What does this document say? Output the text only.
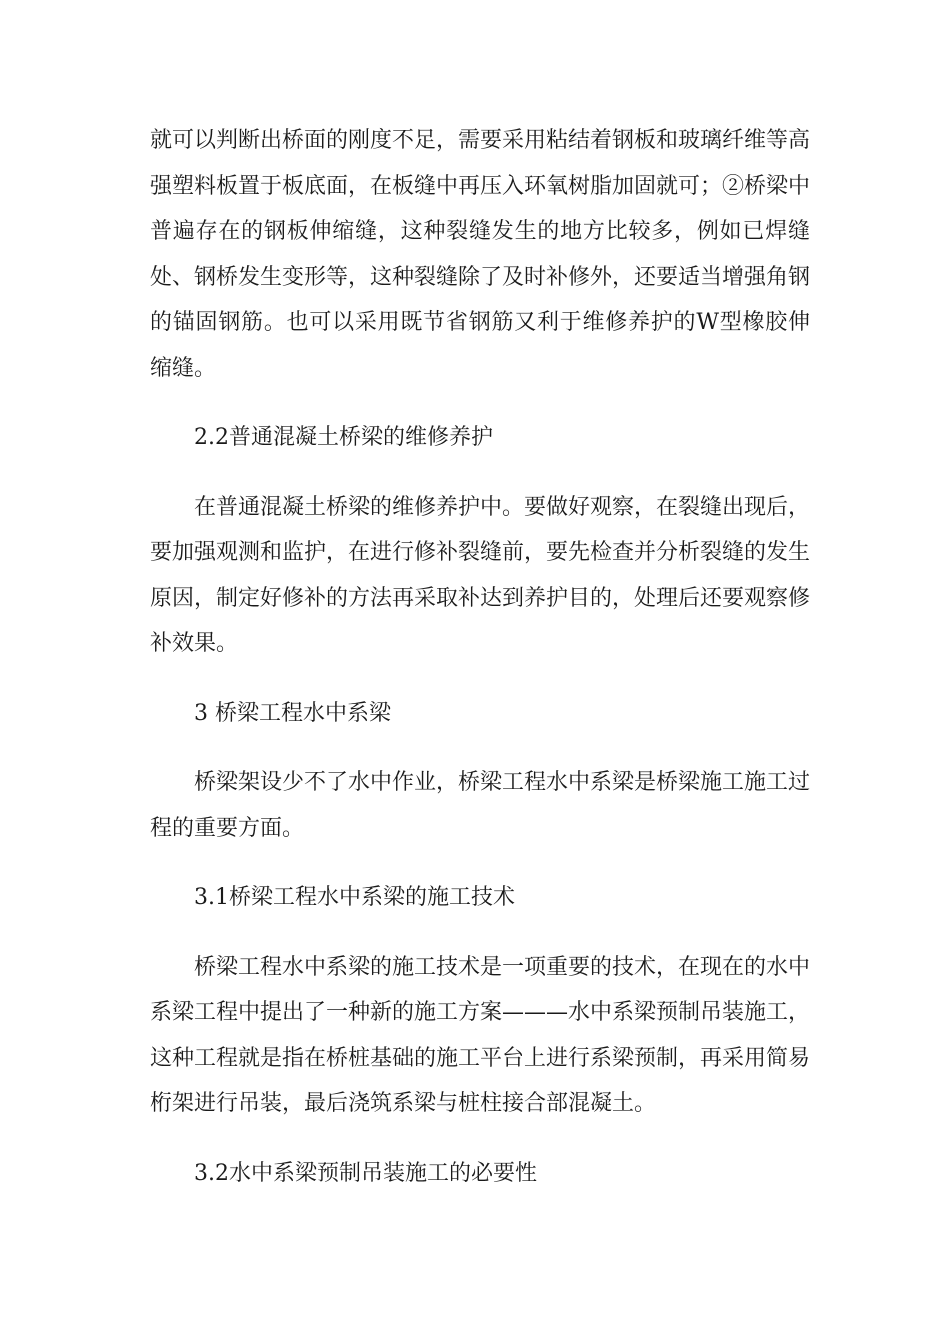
就可以判断出桥面的刚度不足，需要采用粘结着钢板和玻璃纤维等高强塑料板置于板底面，在板缝中再压入环氧树脂加固就可；②桥梁中普遍存在的钢板伸缩缝，这种裂缝发生的地方比较多，例如已焊缝处、钢桥发生变形等，这种裂缝除了及时补修外，还要适当增强角钢的锚固钢筋。也可以采用既节省钢筋又利于维修养护的W型橡胶伸缩缝。

2.2普通混凝土桥梁的维修养护

在普通混凝土桥梁的维修养护中。要做好观察，在裂缝出现后，要加强观测和监护，在进行修补裂缝前，要先检查并分析裂缝的发生原因，制定好修补的方法再采取补达到养护目的，处理后还要观察修补效果。

3 桥梁工程水中系梁

桥梁架设少不了水中作业，桥梁工程水中系梁是桥梁施工施工过程的重要方面。

3.1桥梁工程水中系梁的施工技术

桥梁工程水中系梁的施工技术是一项重要的技术，在现在的水中系梁工程中提出了一种新的施工方案———水中系梁预制吊装施工，这种工程就是指在桥桩基础的施工平台上进行系梁预制，再采用简易桁架进行吊装，最后浇筑系梁与桩柱接合部混凝土。

3.2水中系梁预制吊装施工的必要性
